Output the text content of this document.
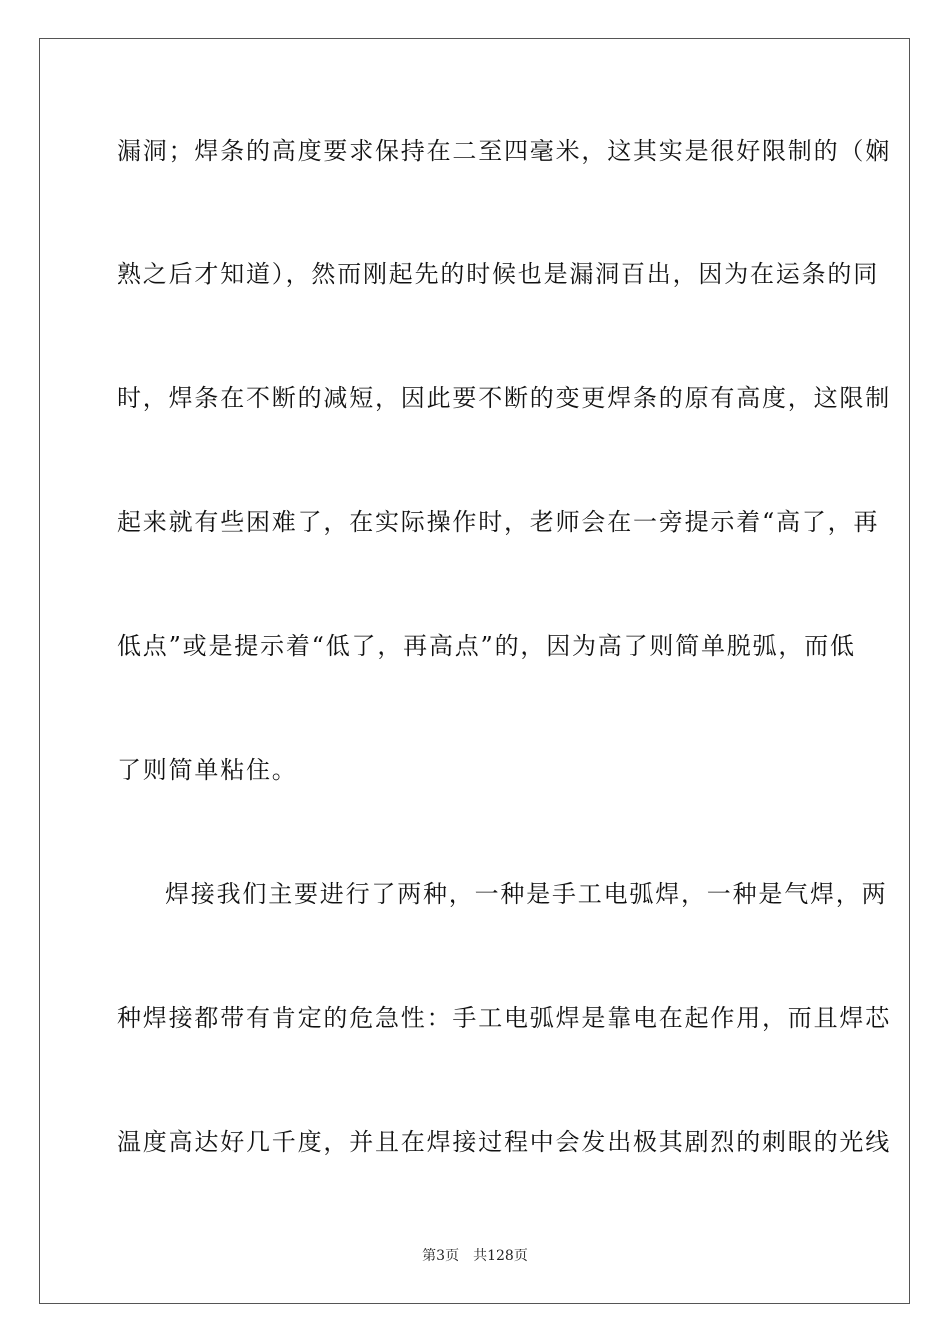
漏洞；焊条的高度要求保持在二至四毫米，这其实是很好限制的（娴
熟之后才知道），然而刚起先的时候也是漏洞百出，因为在运条的同
时，焊条在不断的减短，因此要不断的变更焊条的原有高度，这限制
起来就有些困难了，在实际操作时，老师会在一旁提示着“高了，再
低点”或是提示着“低了，再高点”的，因为高了则简单脱弧，而低
了则简单粘住。
焊接我们主要进行了两种，一种是手工电弧焊，一种是气焊，两
种焊接都带有肯定的危急性：手工电弧焊是靠电在起作用，而且焊芯
温度高达好几千度，并且在焊接过程中会发出极其剧烈的刺眼的光线
第3页 共128页
